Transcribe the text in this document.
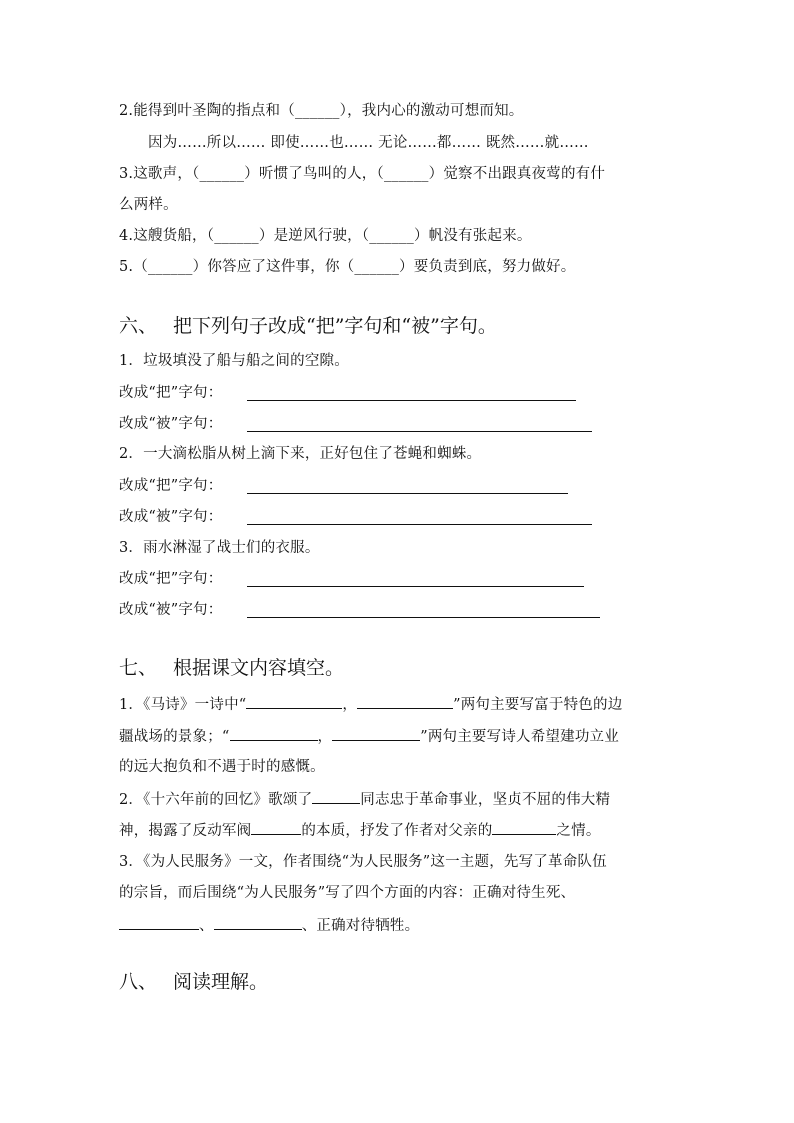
2.能得到叶圣陶的指点和（______），我内心的激动可想而知。
因为……所以…… 即使……也…… 无论……都…… 既然……就……
3.这歌声，（______）听惯了鸟叫的人，（______）觉察不出跟真夜莺的有什
么两样。
4.这艘货船，（______）是逆风行驶，（______）帆没有张起来。
5.（______）你答应了这件事，你（______）要负责到底，努力做好。
六、 把下列句子改成“把”字句和“被”字句。
1．垃圾填没了船与船之间的空隙。
改成“把”字句：
改成“被”字句：
2．一大滴松脂从树上滴下来，正好包住了苍蝇和蜘蛛。
改成“把”字句：
改成“被”字句：
3．雨水淋湿了战士们的衣服。
改成“把”字句：
改成“被”字句：
七、 根据课文内容填空。
1．《马诗》一诗中“	，	”两句主要写富于特色的边
疆战场的景象；“	，	”两句主要写诗人希望建功立业
的远大抱负和不遇于时的感慨。
2．《十六年前的回忆》歌颂了	同志忠于革命事业，坚贞不屈的伟大精
神，揭露了反动军阀	的本质，抒发了作者对父亲的	之情。
3．《为人民服务》一文，作者围绕“为人民服务”这一主题，先写了革命队伍
的宗旨，而后围绕“为人民服务”写了四个方面的内容：正确对待生死、
、	、正确对待牺牲。
八、 阅读理解。
